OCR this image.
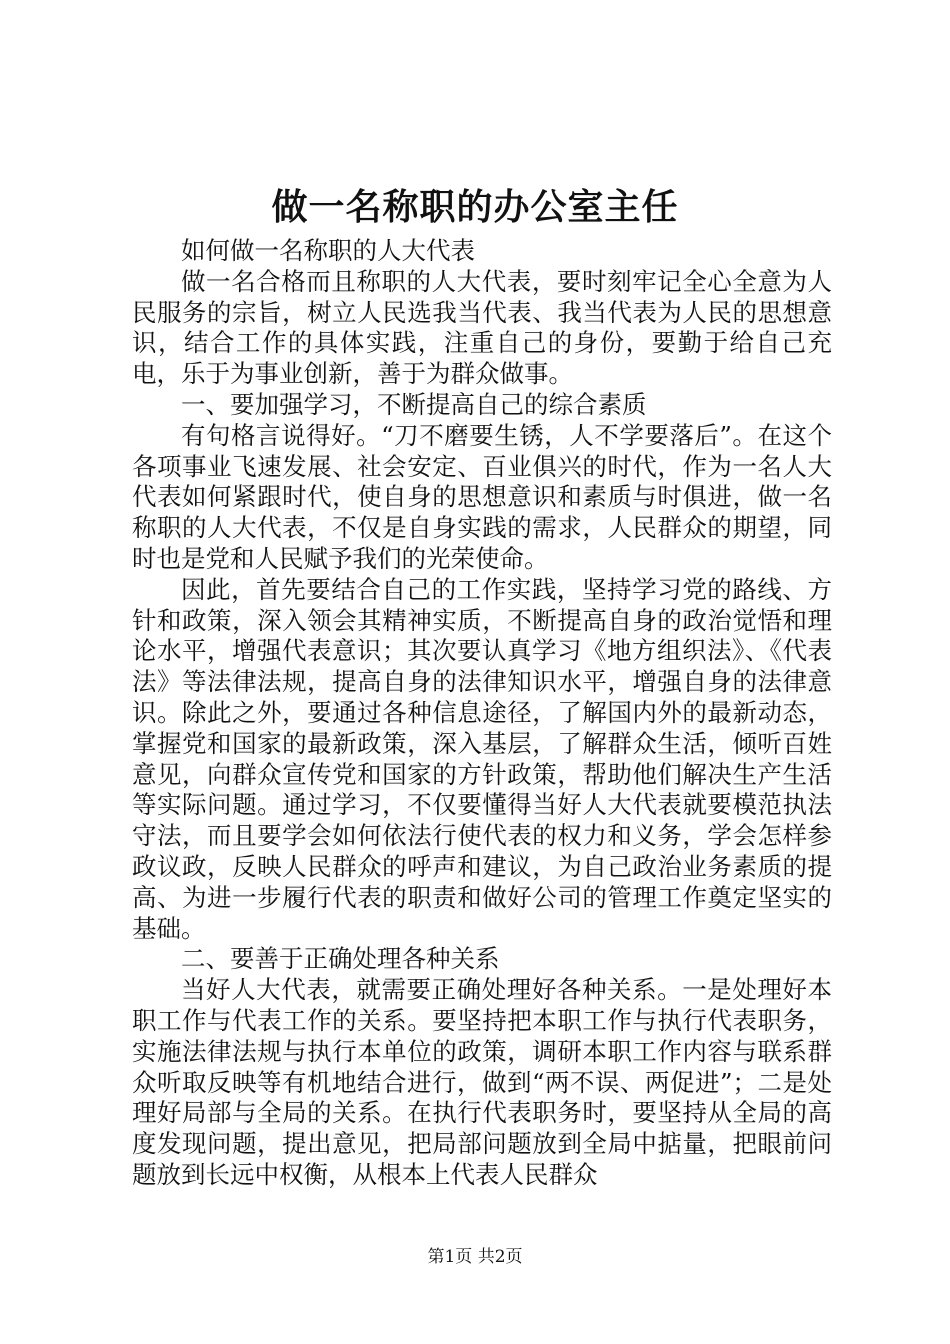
做一名称职的办公室主任

如何做一名称职的人大代表

做一名合格而且称职的人大代表，要时刻牢记全心全意为人民服务的宗旨，树立人民选我当代表、我当代表为人民的思想意识，结合工作的具体实践，注重自己的身份，要勤于给自己充电，乐于为事业创新，善于为群众做事。

一、要加强学习，不断提高自己的综合素质

有句格言说得好。“刀不磨要生锈，人不学要落后”。在这个各项事业飞速发展、社会安定、百业俱兴的时代，作为一名人大代表如何紧跟时代，使自身的思想意识和素质与时俱进，做一名称职的人大代表，不仅是自身实践的需求，人民群众的期望，同时也是党和人民赋予我们的光荣使命。

因此，首先要结合自己的工作实践，坚持学习党的路线、方针和政策，深入领会其精神实质，不断提高自身的政治觉悟和理论水平，增强代表意识；其次要认真学习《地方组织法》、《代表法》等法律法规，提高自身的法律知识水平，增强自身的法律意识。除此之外，要通过各种信息途径，了解国内外的最新动态，掌握党和国家的最新政策，深入基层，了解群众生活，倾听百姓意见，向群众宣传党和国家的方针政策，帮助他们解决生产生活等实际问题。通过学习，不仅要懂得当好人大代表就要模范执法守法，而且要学会如何依法行使代表的权力和义务，学会怎样参政议政，反映人民群众的呼声和建议，为自己政治业务素质的提高、为进一步履行代表的职责和做好公司的管理工作奠定坚实的基础。

二、要善于正确处理各种关系

当好人大代表，就需要正确处理好各种关系。一是处理好本职工作与代表工作的关系。要坚持把本职工作与执行代表职务，实施法律法规与执行本单位的政策，调研本职工作内容与联系群众听取反映等有机地结合进行，做到“两不误、两促进”；二是处理好局部与全局的关系。在执行代表职务时，要坚持从全局的高度发现问题，提出意见，把局部问题放到全局中掂量，把眼前问题放到长远中权衡，从根本上代表人民群众

第1页 共2页
